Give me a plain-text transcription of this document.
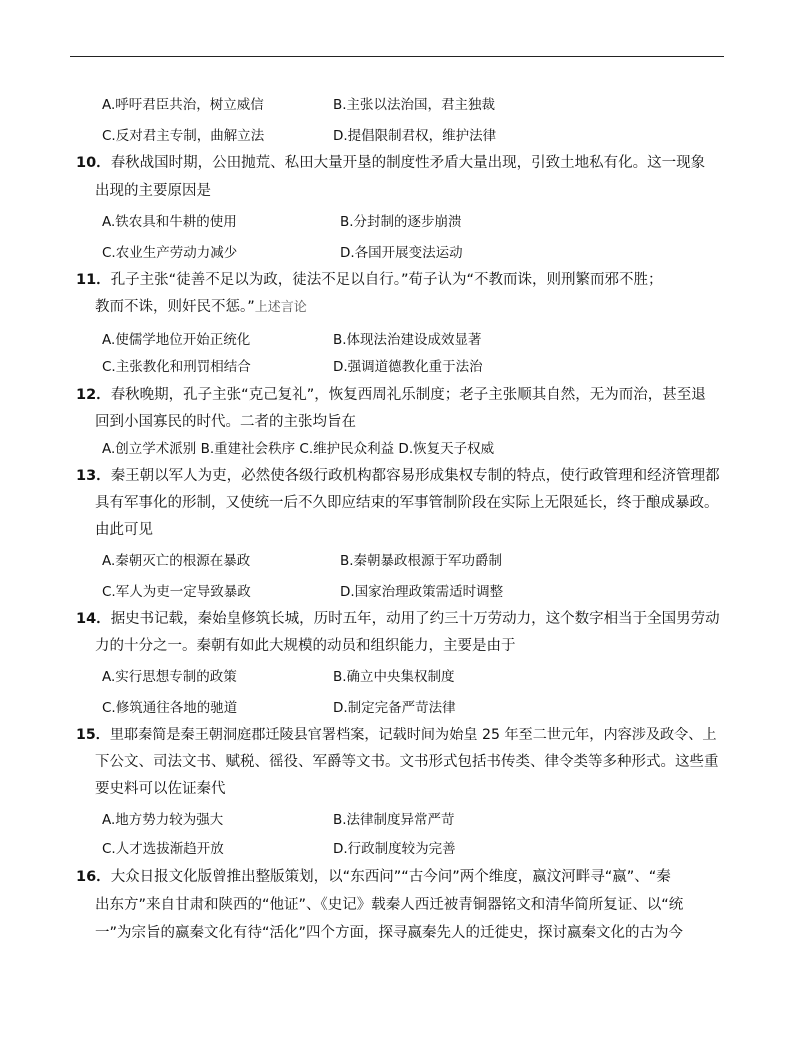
A.呼吁君臣共治，树立威信	B.主张以法治国，君主独裁
C.反对君主专制，曲解立法	D.提倡限制君权，维护法律
10．春秋战国时期，公田抛荒、私田大量开垦的制度性矛盾大量出现，引致土地私有化。这一现象
出现的主要原因是
A.铁农具和牛耕的使用	B.分封制的逐步崩溃
C.农业生产劳动力减少	D.各国开展变法运动
11．孔子主张“徒善不足以为政，徒法不足以自行。”荀子认为“不教而诛，则刑繁而邪不胜；
教而不诛，则奸民不惩。”上述言论
A.使儒学地位开始正统化	B.体现法治建设成效显著
C.主张教化和刑罚相结合	D.强调道德教化重于法治
12．春秋晚期，孔子主张“克己复礼”，恢复西周礼乐制度；老子主张顺其自然，无为而治，甚至退
回到小国寡民的时代。二者的主张均旨在
A.创立学术派别 B.重建社会秩序 C.维护民众利益 D.恢复天子权威
13．秦王朝以军人为吏，必然使各级行政机构都容易形成集权专制的特点，使行政管理和经济管理都
具有军事化的形制，又使统一后不久即应结束的军事管制阶段在实际上无限延长，终于酿成暴政。
由此可见
A.秦朝灭亡的根源在暴政	B.秦朝暴政根源于军功爵制
C.军人为吏一定导致暴政	D.国家治理政策需适时调整
14．据史书记载，秦始皇修筑长城，历时五年，动用了约三十万劳动力，这个数字相当于全国男劳动
力的十分之一。秦朝有如此大规模的动员和组织能力，主要是由于
A.实行思想专制的政策	B.确立中央集权制度
C.修筑通往各地的驰道	D.制定完备严苛法律
15．里耶秦简是秦王朝洞庭郡迁陵县官署档案，记载时间为始皇 25 年至二世元年，内容涉及政令、上
下公文、司法文书、赋税、徭役、军爵等文书。文书形式包括书传类、律令类等多种形式。这些重
要史料可以佐证秦代
A.地方势力较为强大	B.法律制度异常严苛
C.人才选拔渐趋开放	D.行政制度较为完善
16．大众日报文化版曾推出整版策划，以“东西问”“古今问”两个维度，嬴汶河畔寻“嬴”、“秦
出东方”来自甘肃和陕西的“他证”、《史记》载秦人西迁被青铜器铭文和清华简所复证、以“统
一”为宗旨的嬴秦文化有待“活化”四个方面，探寻嬴秦先人的迁徙史，探讨嬴秦文化的古为今
